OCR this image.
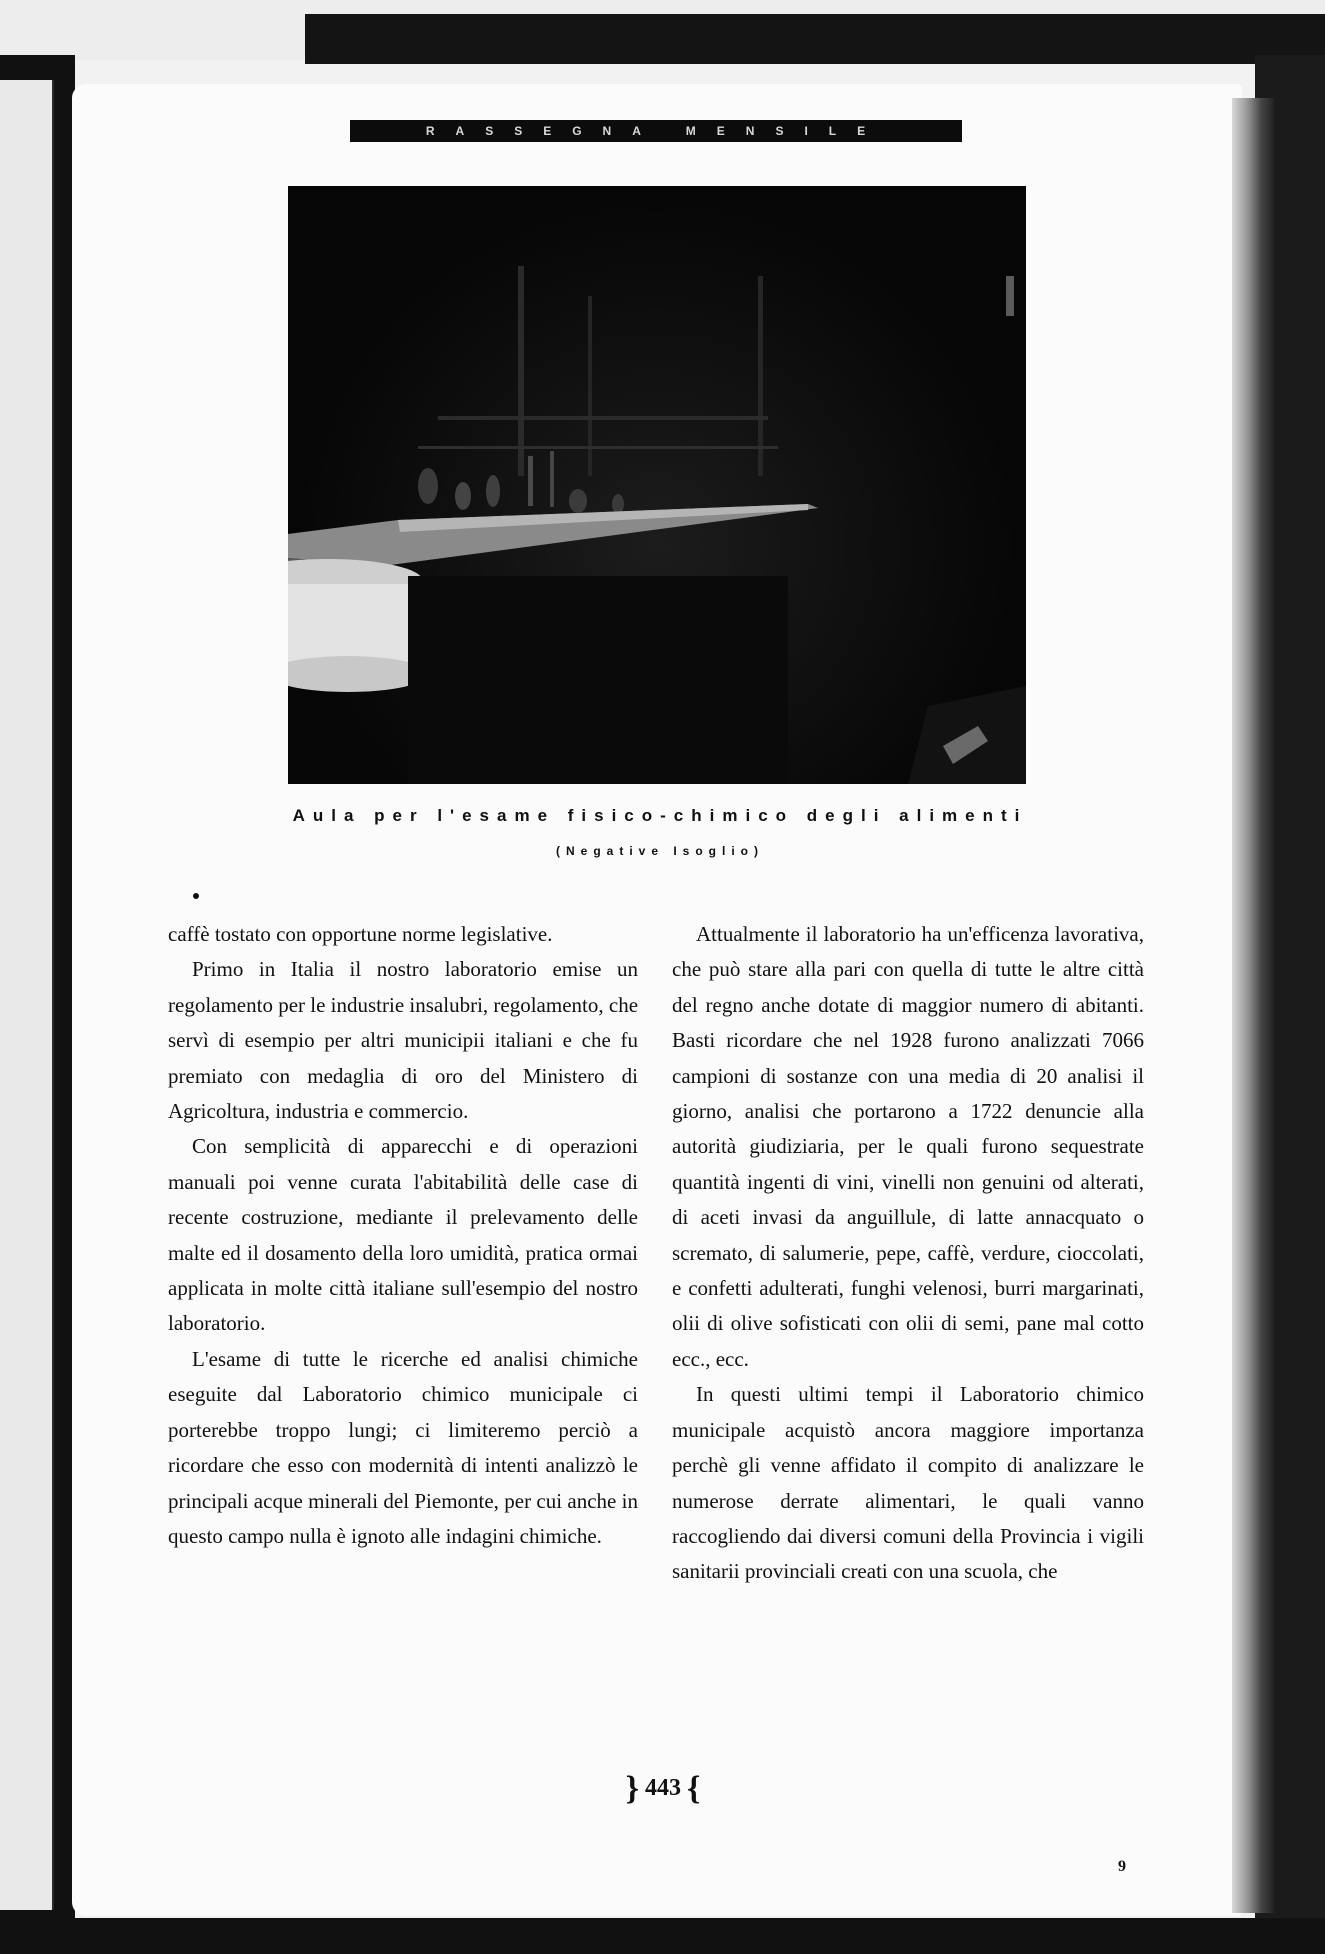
RASSEGNA MENSILE
Aula per l'esame fisico-chimico degli alimenti
(Negative Isoglio)

caffè tostato con opportune norme legislative.

Primo in Italia il nostro laboratorio emise un regolamento per le industrie insalubri, regolamento, che servì di esempio per altri municipii italiani e che fu premiato con medaglia di oro del Ministero di Agricoltura, industria e commercio.

Con semplicità di apparecchi e di operazioni manuali poi venne curata l'abitabilità delle case di recente costruzione, mediante il prelevamento delle malte ed il dosamento della loro umidità, pratica ormai applicata in molte città italiane sull'esempio del nostro laboratorio.

L'esame di tutte le ricerche ed analisi chimiche eseguite dal Laboratorio chimico municipale ci porterebbe troppo lungi; ci limiteremo perciò a ricordare che esso con modernità di intenti analizzò le principali acque minerali del Piemonte, per cui anche in questo campo nulla è ignoto alle indagini chimiche.

Attualmente il laboratorio ha un'efficenza lavorativa, che può stare alla pari con quella di tutte le altre città del regno anche dotate di maggior numero di abitanti. Basti ricordare che nel 1928 furono analizzati 7066 campioni di sostanze con una media di 20 analisi il giorno, analisi che portarono a 1722 denuncie alla autorità giudiziaria, per le quali furono sequestrate quantità ingenti di vini, vinelli non genuini od alterati, di aceti invasi da anguillule, di latte annacquato o scremato, di salumerie, pepe, caffè, verdure, cioccolati, e confetti adulterati, funghi velenosi, burri margarinati, olii di olive sofisticati con olii di semi, pane mal cotto ecc., ecc.

In questi ultimi tempi il Laboratorio chimico municipale acquistò ancora maggiore importanza perchè gli venne affidato il compito di analizzare le numerose derrate alimentari, le quali vanno raccogliendo dai diversi comuni della Provincia i vigili sanitarii provinciali creati con una scuola, che

} 443 {
9
